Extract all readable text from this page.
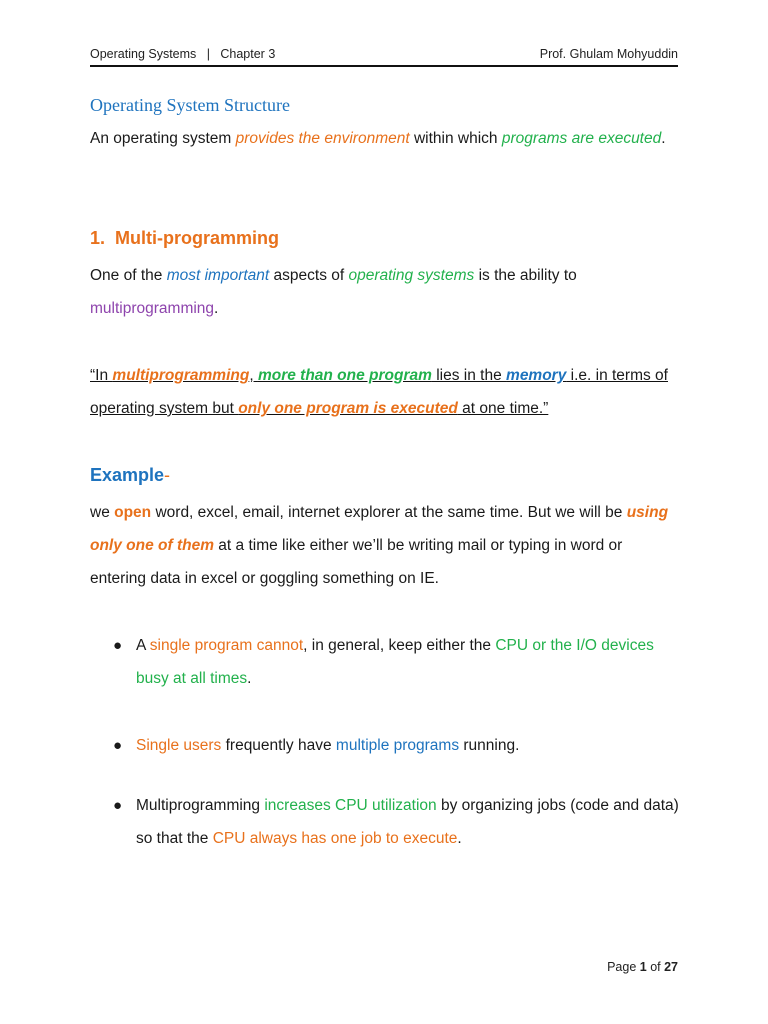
Operating Systems   |   Chapter 3	Prof. Ghulam Mohyuddin
Operating System Structure
An operating system provides the environment within which programs are executed.
1.  Multi-programming
One of the most important aspects of operating systems is the ability to multiprogramming.
“In multiprogramming, more than one program lies in the memory i.e. in terms of operating system but only one program is executed at one time.”
Example-
we open word, excel, email, internet explorer at the same time. But we will be using only one of them at a time like either we’ll be writing mail or typing in word or entering data in excel or goggling something on IE.
● A single program cannot, in general, keep either the CPU or the I/O devices busy at all times.
● Single users frequently have multiple programs running.
● Multiprogramming increases CPU utilization by organizing jobs (code and data) so that the CPU always has one job to execute.
Page 1 of 27
